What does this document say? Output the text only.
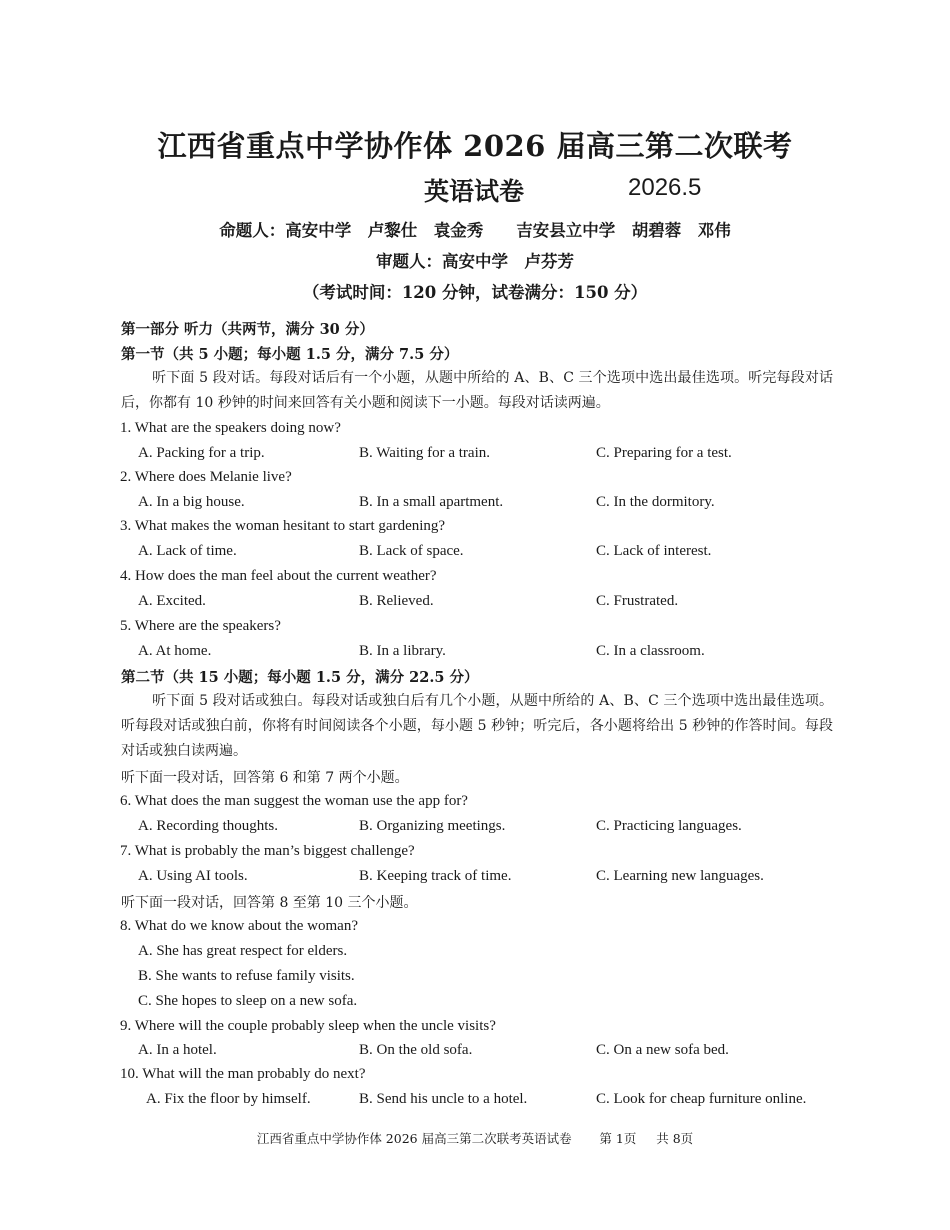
江西省重点中学协作体 2026 届高三第二次联考
英语试卷	2026.5
命题人：高安中学　卢黎仕　袁金秀　　吉安县立中学　胡碧蓉　邓伟
审题人：高安中学　卢芬芳
（考试时间：120 分钟，试卷满分：150 分）
第一部分 听力（共两节，满分 30 分）
第一节（共 5 小题；每小题 1.5 分，满分 7.5 分）
听下面 5 段对话。每段对话后有一个小题，从题中所给的 A、B、C 三个选项中选出最佳选项。听完每段对话后，你都有 10 秒钟的时间来回答有关小题和阅读下一小题。每段对话读两遍。
1. What are the speakers doing now?
A. Packing for a trip.	B. Waiting for a train.	C. Preparing for a test.
2. Where does Melanie live?
A. In a big house.	B. In a small apartment.	C. In the dormitory.
3. What makes the woman hesitant to start gardening?
A. Lack of time.	B. Lack of space.	C. Lack of interest.
4. How does the man feel about the current weather?
A. Excited.	B. Relieved.	C. Frustrated.
5. Where are the speakers?
A. At home.	B. In a library.	C. In a classroom.
第二节（共 15 小题；每小题 1.5 分，满分 22.5 分）
听下面 5 段对话或独白。每段对话或独白后有几个小题，从题中所给的 A、B、C 三个选项中选出最佳选项。听每段对话或独白前，你将有时间阅读各个小题，每小题 5 秒钟；听完后，各小题将给出 5 秒钟的作答时间。每段对话或独白读两遍。
听下面一段对话，回答第 6 和第 7 两个小题。
6. What does the man suggest the woman use the app for?
A. Recording thoughts.	B. Organizing meetings.	C. Practicing languages.
7. What is probably the man’s biggest challenge?
A. Using AI tools.	B. Keeping track of time.	C. Learning new languages.
听下面一段对话，回答第 8 至第 10 三个小题。
8. What do we know about the woman?
A. She has great respect for elders.
B. She wants to refuse family visits.
C. She hopes to sleep on a new sofa.
9. Where will the couple probably sleep when the uncle visits?
A. In a hotel.	B. On the old sofa.	C. On a new sofa bed.
10. What will the man probably do next?
A. Fix the floor by himself.	B. Send his uncle to a hotel.	C. Look for cheap furniture online.
江西省重点中学协作体 2026 届高三第二次联考英语试卷 第 1页 共 8页
